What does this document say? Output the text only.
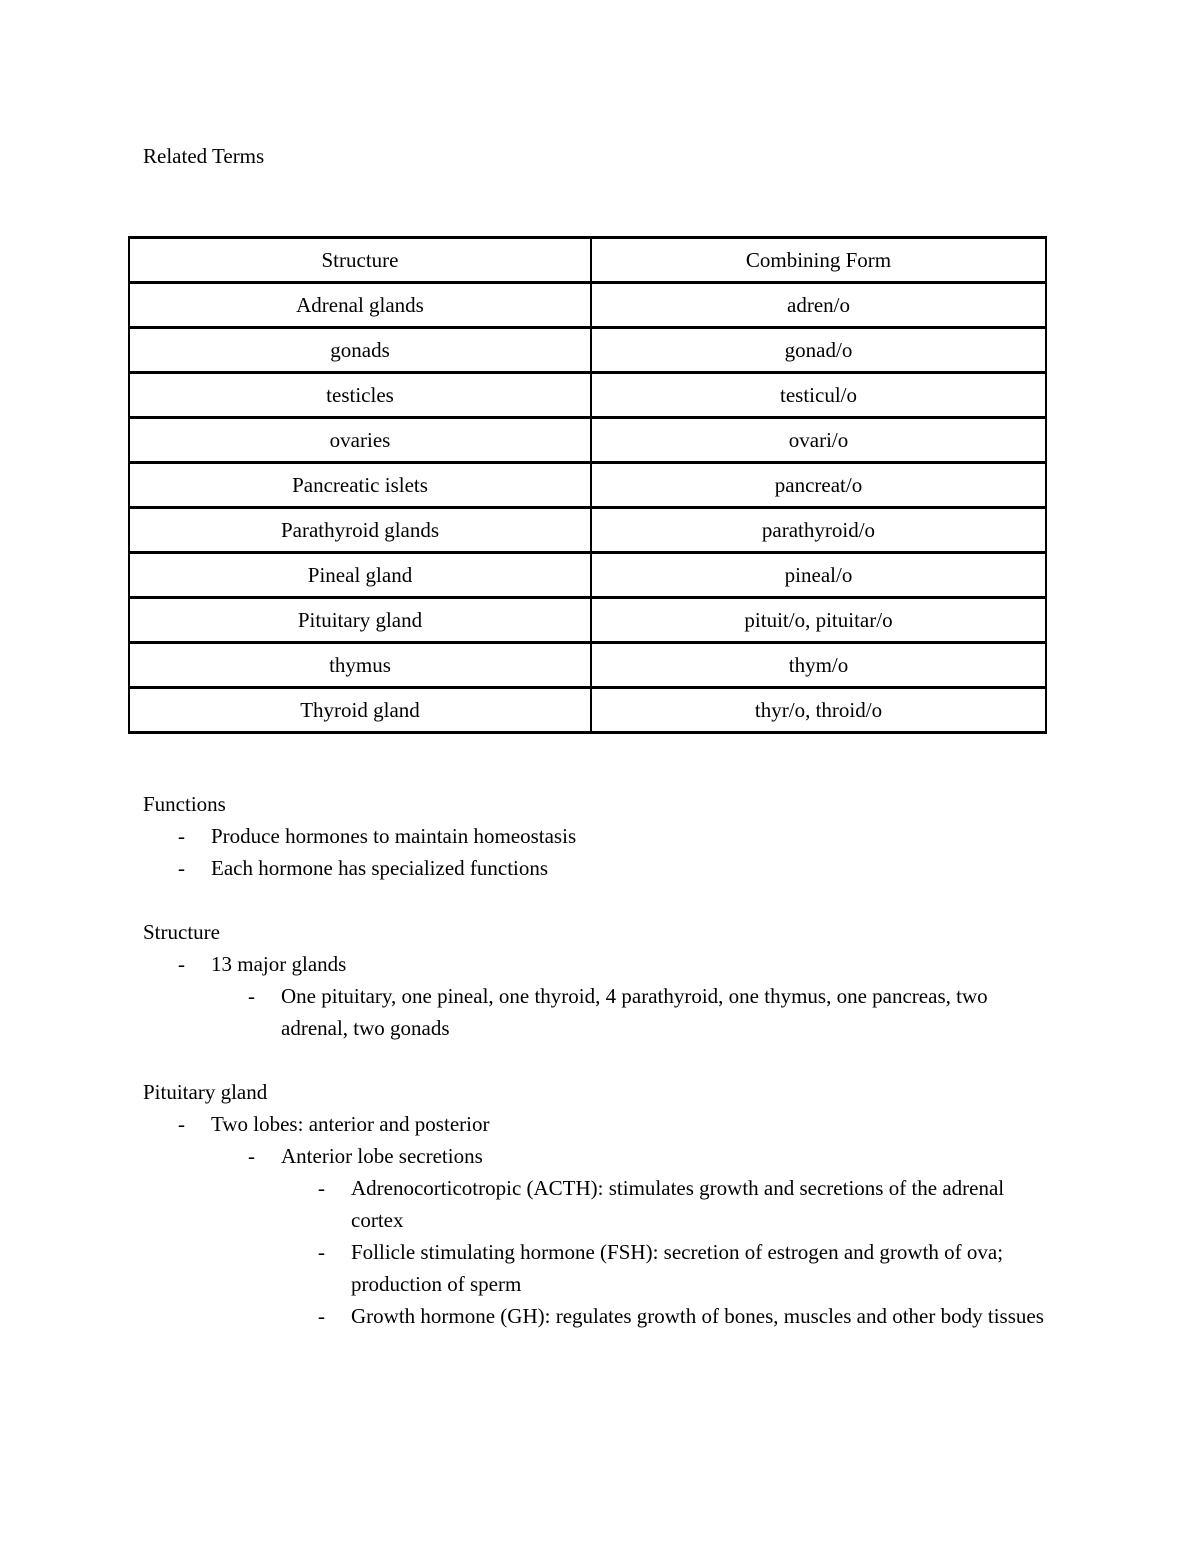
Related Terms
Structure	Combining Form
Adrenal glands	adren/o
gonads	gonad/o
testicles	testicul/o
ovaries	ovari/o
Pancreatic islets	pancreat/o
Parathyroid glands	parathyroid/o
Pineal gland	pineal/o
Pituitary gland	pituit/o, pituitar/o
thymus	thym/o
Thyroid gland	thyr/o, throid/o
Functions
-	Produce hormones to maintain homeostasis
-	Each hormone has specialized functions
Structure
-	13 major glands
-	One pituitary, one pineal, one thyroid, 4 parathyroid, one thymus, one pancreas, two adrenal, two gonads
Pituitary gland
-	Two lobes: anterior and posterior
-	Anterior lobe secretions
-	Adrenocorticotropic (ACTH): stimulates growth and secretions of the adrenal cortex
-	Follicle stimulating hormone (FSH): secretion of estrogen and growth of ova; production of sperm
-	Growth hormone (GH): regulates growth of bones, muscles and other body tissues
